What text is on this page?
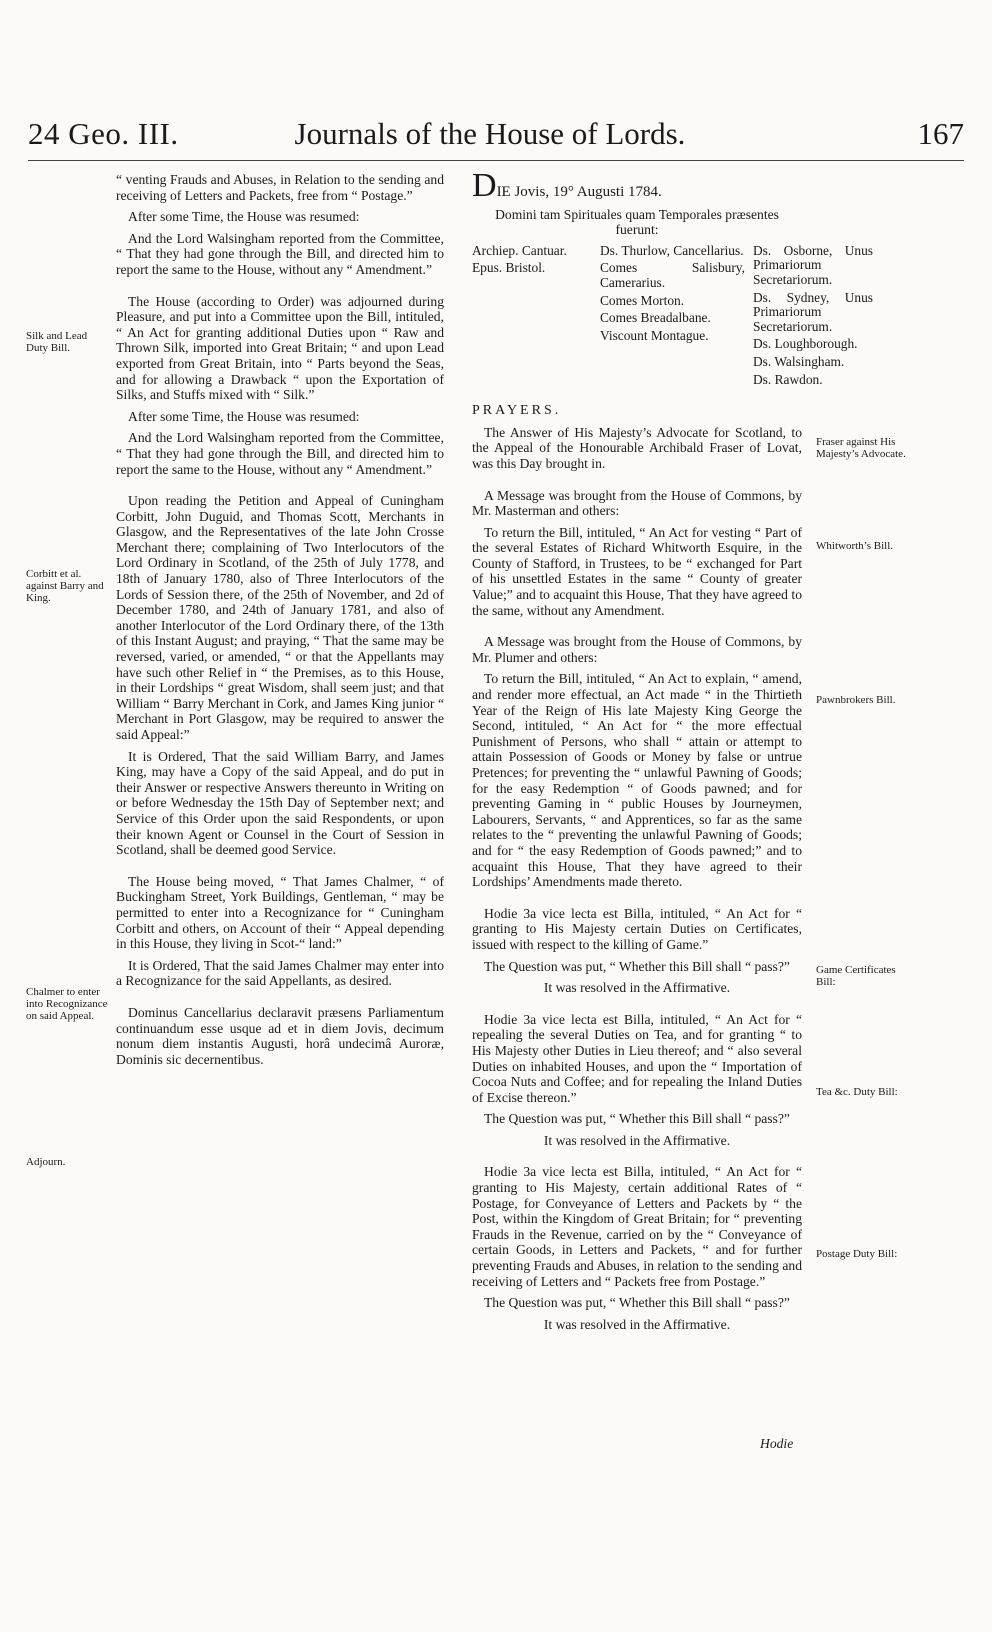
24 Geo. III.	Journals of the House of Lords.	167

“ venting Frauds and Abuses, in Relation to the sending and receiving of Letters and Packets, free from “ Postage.”

After some Time, the House was resumed:

And the Lord Walsingham reported from the Committee, “ That they had gone through the Bill, and directed him to report the same to the House, without any “ Amendment.”

The House (according to Order) was adjourned during Pleasure, and put into a Committee upon the Bill, intituled, “ An Act for granting additional Duties upon “ Raw and Thrown Silk, imported into Great Britain; “ and upon Lead exported from Great Britain, into “ Parts beyond the Seas, and for allowing a Drawback “ upon the Exportation of Silks, and Stuffs mixed with “ Silk.”

After some Time, the House was resumed:

And the Lord Walsingham reported from the Committee, “ That they had gone through the Bill, and directed him to report the same to the House, without any “ Amendment.”

Upon reading the Petition and Appeal of Cuningham Corbitt, John Duguid, and Thomas Scott, Merchants in Glasgow, and the Representatives of the late John Crosse Merchant there; complaining of Two Interlocutors of the Lord Ordinary in Scotland, of the 25th of July 1778, and 18th of January 1780, also of Three Interlocutors of the Lords of Session there, of the 25th of November, and 2d of December 1780, and 24th of January 1781, and also of another Interlocutor of the Lord Ordinary there, of the 13th of this Instant August; and praying, “ That the same may be reversed, varied, or amended, “ or that the Appellants may have such other Relief in “ the Premises, as to this House, in their Lordships “ great Wisdom, shall seem just; and that William “ Barry Merchant in Cork, and James King junior “ Merchant in Port Glasgow, may be required to answer the said Appeal:”

It is Ordered, That the said William Barry, and James King, may have a Copy of the said Appeal, and do put in their Answer or respective Answers thereunto in Writing on or before Wednesday the 15th Day of September next; and Service of this Order upon the said Respondents, or upon their known Agent or Counsel in the Court of Session in Scotland, shall be deemed good Service.

The House being moved, “ That James Chalmer, “ of Buckingham Street, York Buildings, Gentleman, “ may be permitted to enter into a Recognizance for “ Cuningham Corbitt and others, on Account of their “ Appeal depending in this House, they living in Scot-“ land:”

It is Ordered, That the said James Chalmer may enter into a Recognizance for the said Appellants, as desired.

Dominus Cancellarius declaravit præsens Parliamentum continuandum esse usque ad et in diem Jovis, decimum nonum diem instantis Augusti, horâ undecimâ Auroræ, Dominis sic decernentibus.

Silk and Lead Duty Bill.
Corbitt et al. against Barry and King.
Chalmer to enter into Recognizance on said Appeal.
Adjourn.

DIE Jovis, 19° Augusti 1784.

Domini tam Spirituales quam Temporales præsentes fuerunt:

Archiep. Cantuar.
Epus. Bristol.
Ds. Thurlow, Cancellarius.
Comes Salisbury, Camerarius.
Comes Morton.
Comes Breadalbane.
Viscount Montague.
Ds. Osborne, Unus Primariorum Secretariorum.
Ds. Sydney, Unus Primariorum Secretariorum.
Ds. Loughborough.
Ds. Walsingham.
Ds. Rawdon.

PRAYERS.

The Answer of His Majesty’s Advocate for Scotland, to the Appeal of the Honourable Archibald Fraser of Lovat, was this Day brought in.

A Message was brought from the House of Commons, by Mr. Masterman and others:

To return the Bill, intituled, “ An Act for vesting “ Part of the several Estates of Richard Whitworth Esquire, in the County of Stafford, in Trustees, to be “ exchanged for Part of his unsettled Estates in the same “ County of greater Value;” and to acquaint this House, That they have agreed to the same, without any Amendment.

A Message was brought from the House of Commons, by Mr. Plumer and others:

To return the Bill, intituled, “ An Act to explain, “ amend, and render more effectual, an Act made “ in the Thirtieth Year of the Reign of His late Majesty King George the Second, intituled, “ An Act for “ the more effectual Punishment of Persons, who shall “ attain or attempt to attain Possession of Goods or Money by false or untrue Pretences; for preventing the “ unlawful Pawning of Goods; for the easy Redemption “ of Goods pawned; and for preventing Gaming in “ public Houses by Journeymen, Labourers, Servants, “ and Apprentices, so far as the same relates to the “ preventing the unlawful Pawning of Goods; and for “ the easy Redemption of Goods pawned;” and to acquaint this House, That they have agreed to their Lordships’ Amendments made thereto.

Hodie 3a vice lecta est Billa, intituled, “ An Act for “ granting to His Majesty certain Duties on Certificates, issued with respect to the killing of Game.”

The Question was put, “ Whether this Bill shall “ pass?”

It was resolved in the Affirmative.

Hodie 3a vice lecta est Billa, intituled, “ An Act for “ repealing the several Duties on Tea, and for granting “ to His Majesty other Duties in Lieu thereof; and “ also several Duties on inhabited Houses, and upon the “ Importation of Cocoa Nuts and Coffee; and for repealing the Inland Duties of Excise thereon.”

The Question was put, “ Whether this Bill shall “ pass?”

It was resolved in the Affirmative.

Hodie 3a vice lecta est Billa, intituled, “ An Act for “ granting to His Majesty, certain additional Rates of “ Postage, for Conveyance of Letters and Packets by “ the Post, within the Kingdom of Great Britain; for “ preventing Frauds in the Revenue, carried on by the “ Conveyance of certain Goods, in Letters and Packets, “ and for further preventing Frauds and Abuses, in relation to the sending and receiving of Letters and “ Packets free from Postage.”

The Question was put, “ Whether this Bill shall “ pass?”

It was resolved in the Affirmative.

Fraser against His Majesty’s Advocate.
Whitworth’s Bill.
Pawnbrokers Bill.
Game Certificates Bill:
Tea &c. Duty Bill:
Postage Duty Bill:
Hodie
